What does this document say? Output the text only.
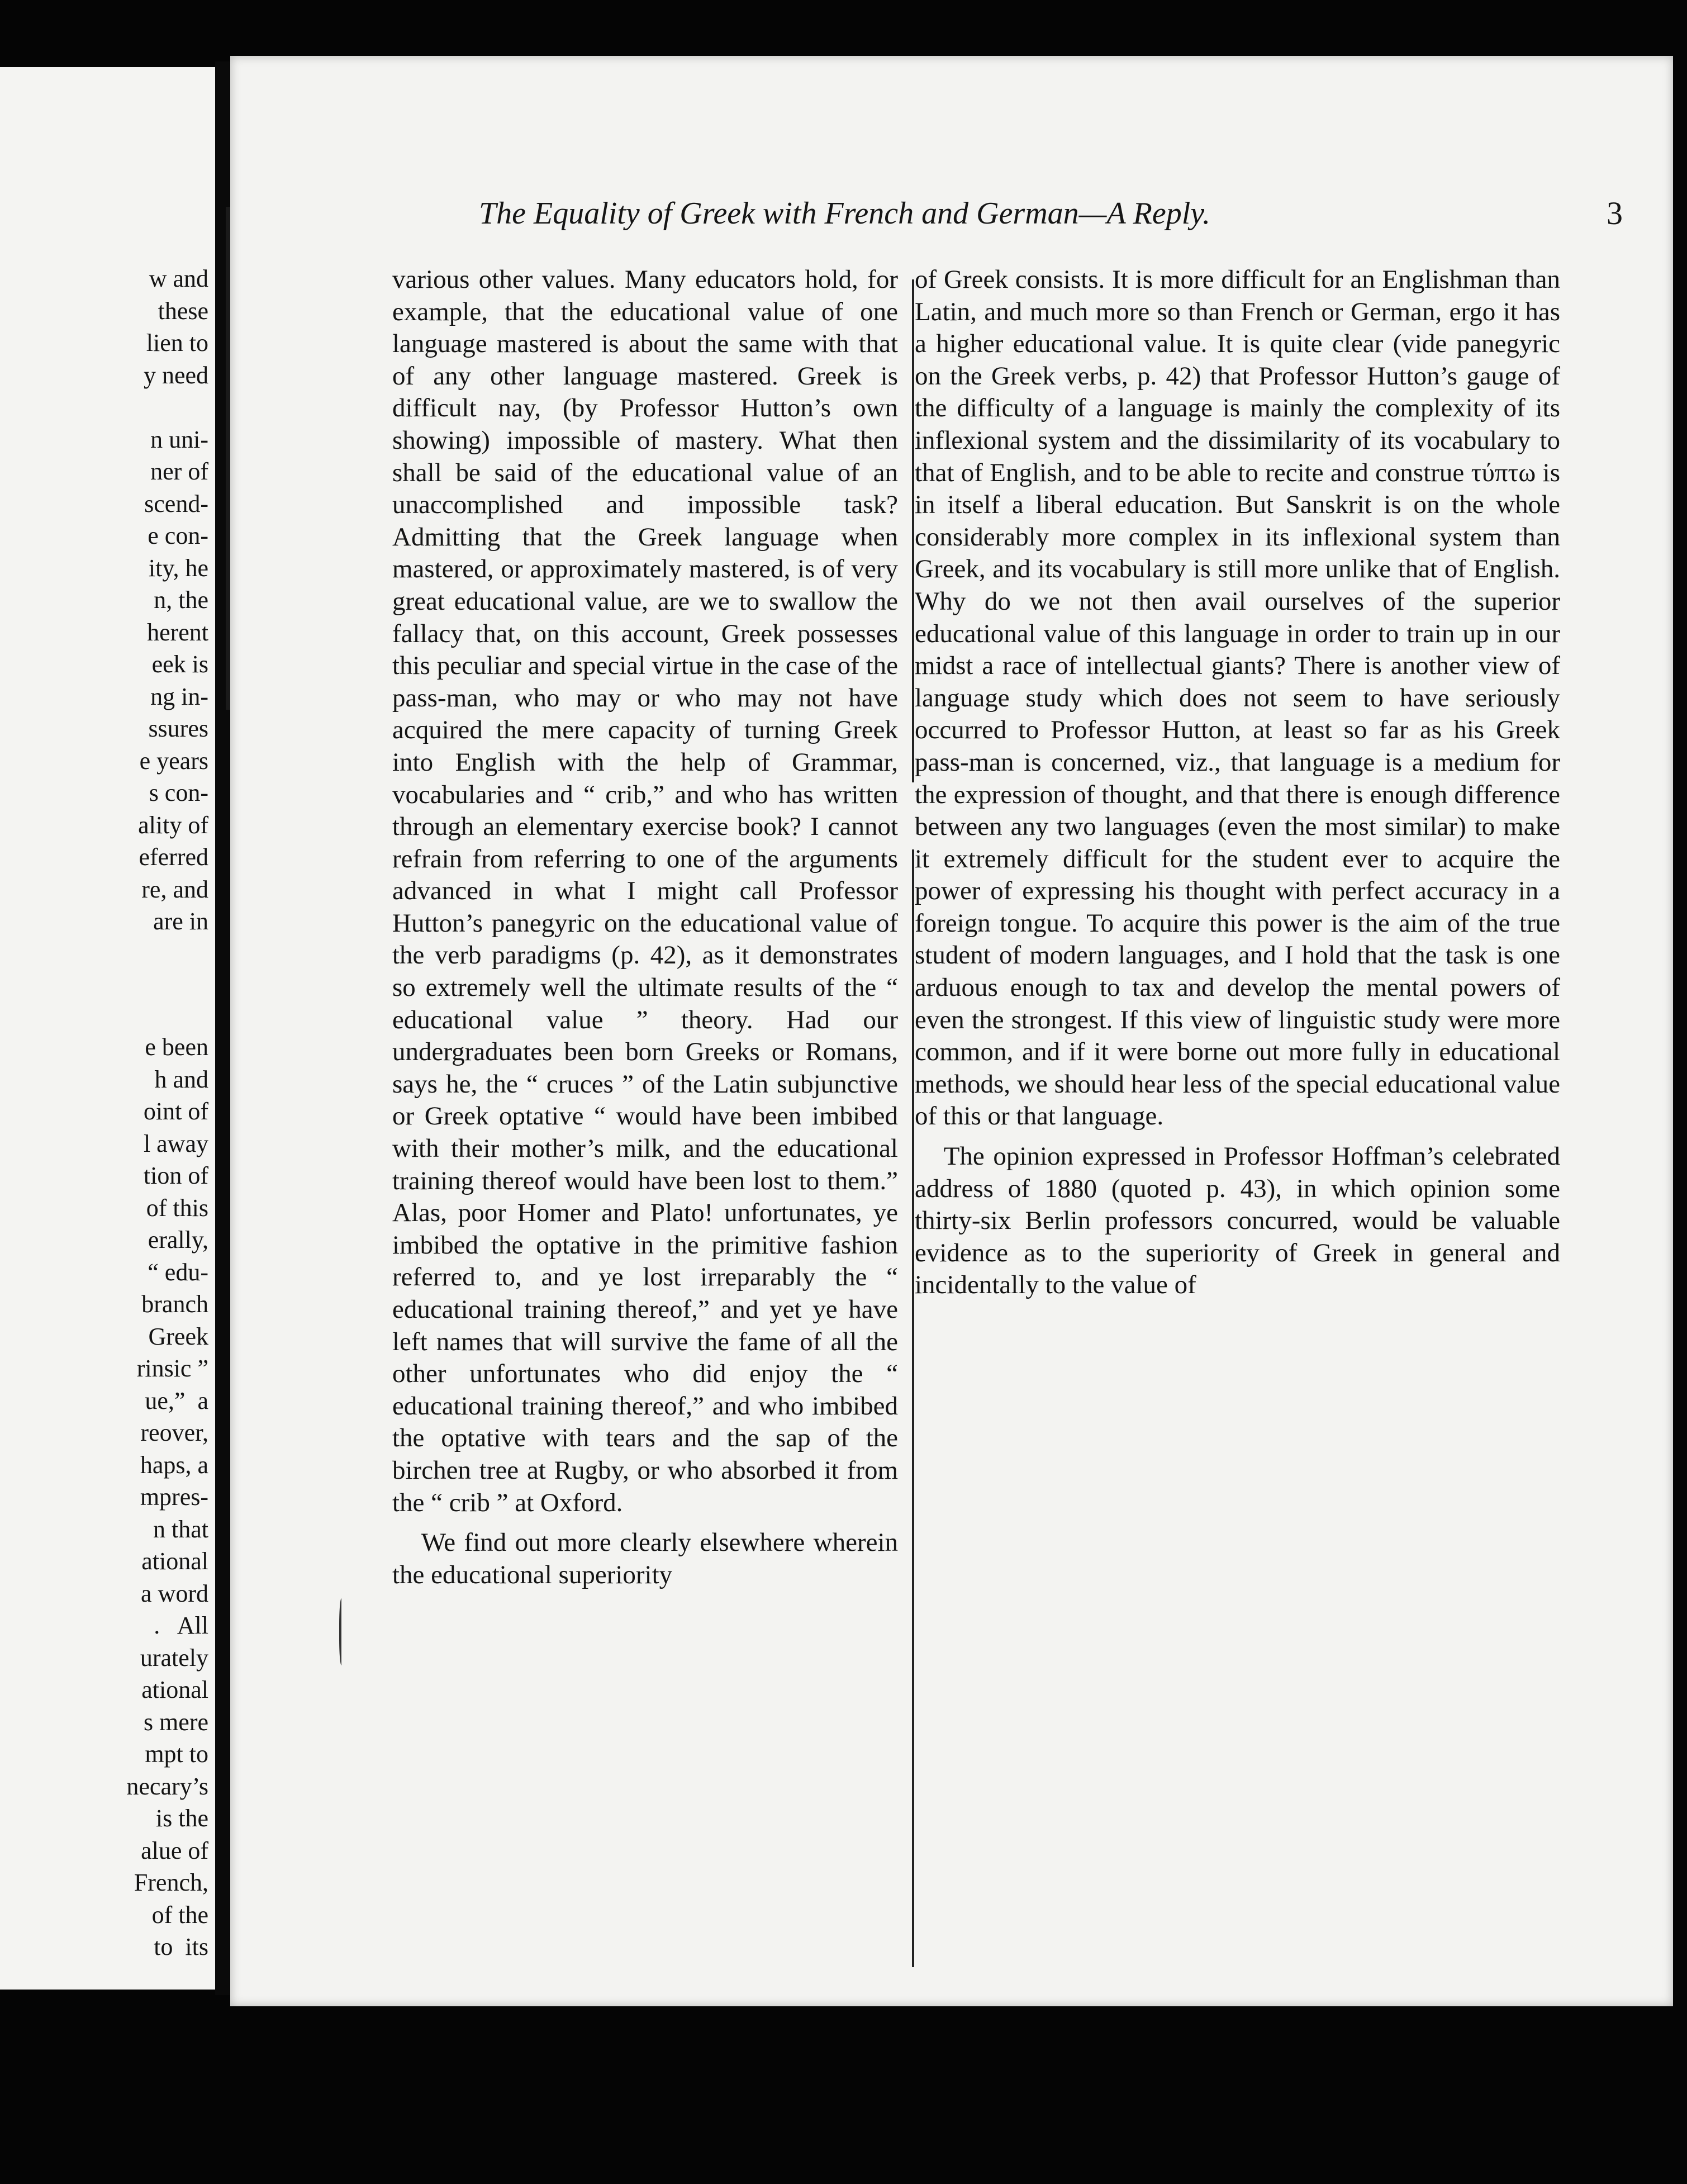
w and
these
lien to
y need

n uni-
ner of
scend-
e con-
ity, he
n, the
herent
eek is
ng in-
ssures
e years
s con-
ality of
eferred
re, and
are in
e been
h and
oint of
l away
tion of
of this
erally,
“ edu-
branch
Greek
rinsic ”
ue,”  a
reover,
haps, a
mpres-
n that
ational
a word
.   All
urately
ational
s mere
mpt to
necary’s
is the
alue of
French,
of the
to  its
The Equality of Greek with French and German—A Reply.	3

various other values. Many educators hold, for example, that the educational value of one language mastered is about the same with that of any other language mastered. Greek is difficult nay, (by Professor Hutton’s own showing) impossible of mastery. What then shall be said of the educational value of an unaccomplished and impossible task? Admitting that the Greek language when mastered, or approximately mastered, is of very great educational value, are we to swallow the fallacy that, on this account, Greek possesses this peculiar and special virtue in the case of the pass-man, who may or who may not have acquired the mere capacity of turning Greek into English with the help of Grammar, vocabularies and “ crib,” and who has written through an elementary exercise book? I cannot refrain from referring to one of the arguments advanced in what I might call Professor Hutton’s panegyric on the educational value of the verb paradigms (p. 42), as it demonstrates so extremely well the ultimate results of the “ educational value ” theory. Had our undergraduates been born Greeks or Romans, says he, the “ cruces ” of the Latin subjunctive or Greek optative “ would have been imbibed with their mother’s milk, and the educational training thereof would have been lost to them.” Alas, poor Homer and Plato! unfortunates, ye imbibed the optative in the primitive fashion referred to, and ye lost irreparably the “ educational training thereof,” and yet ye have left names that will survive the fame of all the other unfortunates who did enjoy the “ educational training thereof,” and who imbibed the optative with tears and the sap of the birchen tree at Rugby, or who absorbed it from the “ crib ” at Oxford.

We find out more clearly elsewhere wherein the educational superiority

of Greek consists. It is more difficult for an Englishman than Latin, and much more so than French or German, ergo it has a higher educational value. It is quite clear (vide panegyric on the Greek verbs, p. 42) that Professor Hutton’s gauge of the difficulty of a language is mainly the complexity of its inflexional system and the dissimilarity of its vocabulary to that of English, and to be able to recite and construe τύπτω is in itself a liberal education. But Sanskrit is on the whole considerably more complex in its inflexional system than Greek, and its vocabulary is still more unlike that of English. Why do we not then avail ourselves of the superior educational value of this language in order to train up in our midst a race of intellectual giants? There is another view of language study which does not seem to have seriously occurred to Professor Hutton, at least so far as his Greek pass-man is concerned, viz., that language is a medium for the expression of thought, and that there is enough difference between any two languages (even the most similar) to make it extremely difficult for the student ever to acquire the power of expressing his thought with perfect accuracy in a foreign tongue. To acquire this power is the aim of the true student of modern languages, and I hold that the task is one arduous enough to tax and develop the mental powers of even the strongest. If this view of linguistic study were more common, and if it were borne out more fully in educational methods, we should hear less of the special educational value of this or that language.

The opinion expressed in Professor Hoffman’s celebrated address of 1880 (quoted p. 43), in which opinion some thirty-six Berlin professors concurred, would be valuable evidence as to the superiority of Greek in general and incidentally to the value of
